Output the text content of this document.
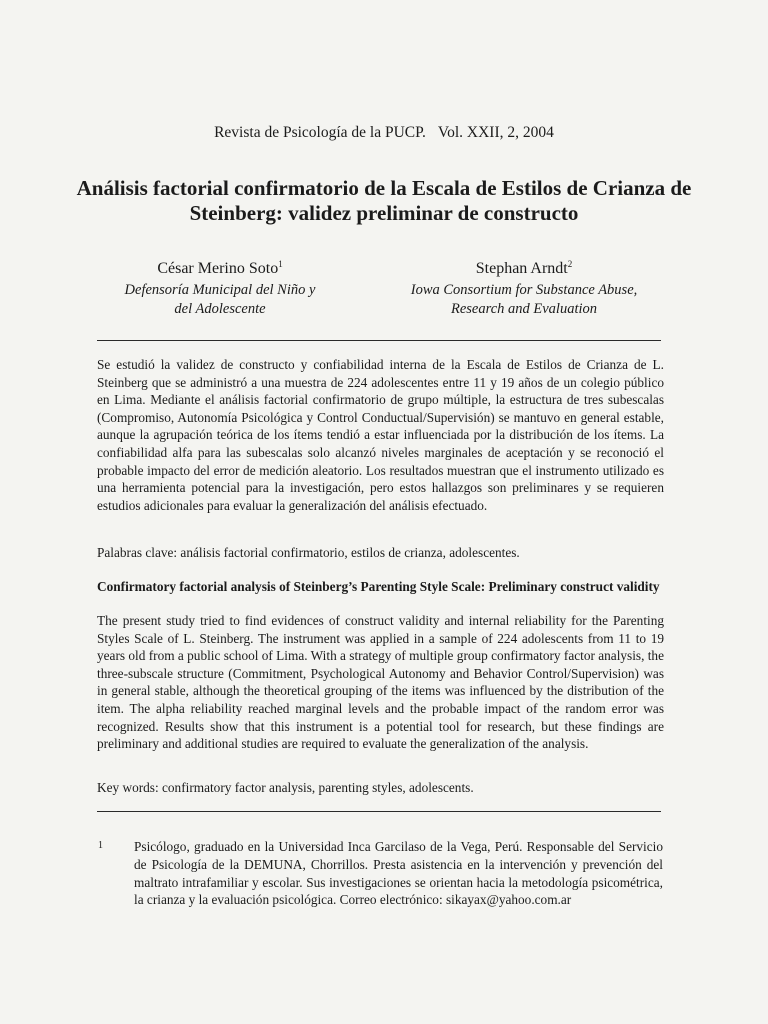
Revista de Psicología de la PUCP. Vol. XXII, 2, 2004
Análisis factorial confirmatorio de la Escala de Estilos de Crianza de Steinberg: validez preliminar de constructo
César Merino Soto$^1$
Defensoría Municipal del Niño y
del Adolescente
Stephan Arndt$^2$
Iowa Consortium for Substance Abuse,
Research and Evaluation

Se estudió la validez de constructo y confiabilidad interna de la Escala de Estilos de Crianza de L. Steinberg que se administró a una muestra de 224 adolescentes entre 11 y 19 años de un colegio público en Lima. Mediante el análisis factorial confirmatorio de grupo múltiple, la estructura de tres subescalas (Compromiso, Autonomía Psicológica y Control Conductual/Supervisión) se mantuvo en general estable, aunque la agrupación teórica de los ítems tendió a estar influenciada por la distribución de los ítems. La confiabilidad alfa para las subescalas solo alcanzó niveles marginales de aceptación y se reconoció el probable impacto del error de medición aleatorio. Los resultados muestran que el instrumento utilizado es una herramienta potencial para la investigación, pero estos hallazgos son preliminares y se requieren estudios adicionales para evaluar la generalización del análisis efectuado.

Palabras clave: análisis factorial confirmatorio, estilos de crianza, adolescentes.

Confirmatory factorial analysis of Steinberg’s Parenting Style Scale: Preliminary construct validity

The present study tried to find evidences of construct validity and internal reliability for the Parenting Styles Scale of L. Steinberg. The instrument was applied in a sample of 224 adolescents from 11 to 19 years old from a public school of Lima. With a strategy of multiple group confirmatory factor analysis, the three-subscale structure (Commitment, Psychological Autonomy and Behavior Control/Supervision) was in general stable, although the theoretical grouping of the items was influenced by the distribution of the item. The alpha reliability reached marginal levels and the probable impact of the random error was recognized. Results show that this instrument is a potential tool for research, but these findings are preliminary and additional studies are required to evaluate the generalization of the analysis.

Key words: confirmatory factor analysis, parenting styles, adolescents.

1 Psicólogo, graduado en la Universidad Inca Garcilaso de la Vega, Perú. Responsable del Servicio de Psicología de la DEMUNA, Chorrillos. Presta asistencia en la intervención y prevención del maltrato intrafamiliar y escolar. Sus investigaciones se orientan hacia la metodología psicométrica, la crianza y la evaluación psicológica. Correo electrónico: sikayax@yahoo.com.ar
